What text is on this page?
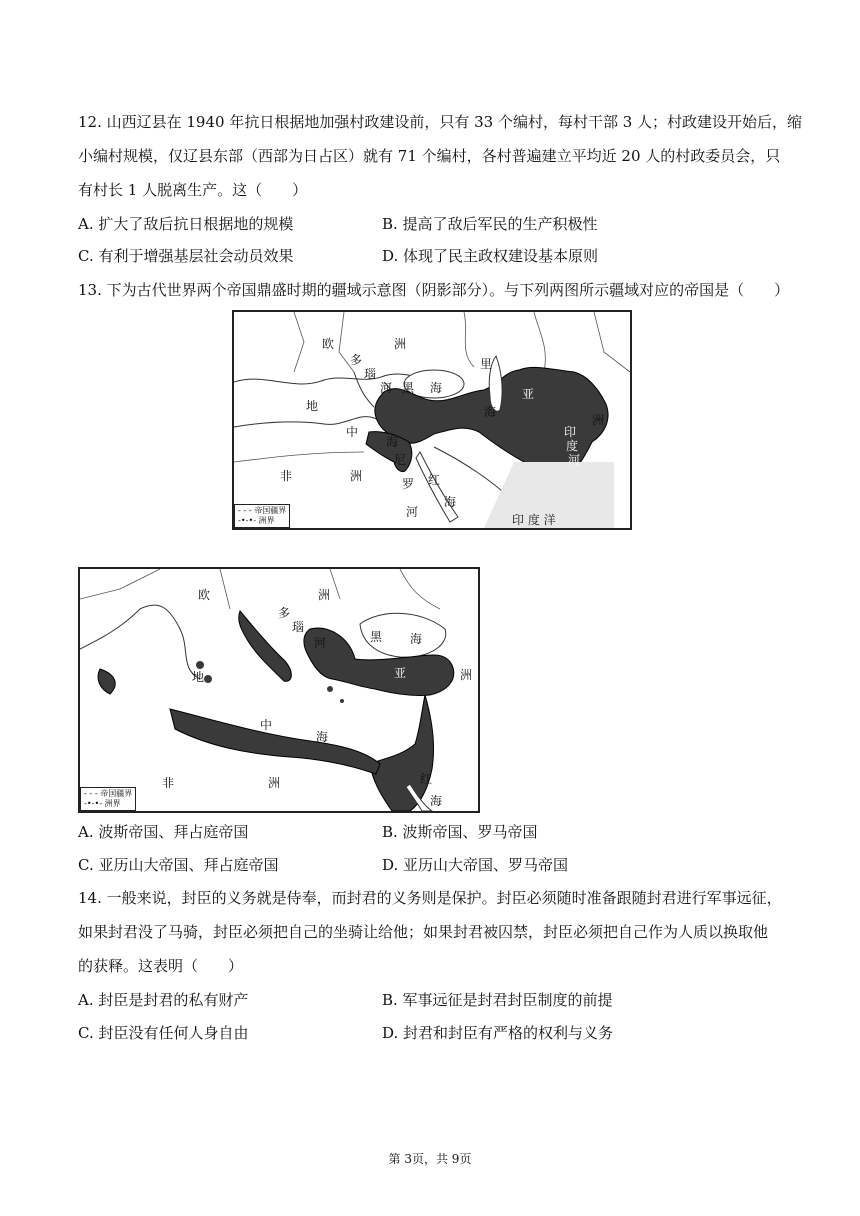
12. 山西辽县在 1940 年抗日根据地加强村政建设前，只有 33 个编村，每村干部 3 人；村政建设开始后，缩
小编村规模，仅辽县东部（西部为日占区）就有 71 个编村，各村普遍建立平均近 20 人的村政委员会，只
有村长 1 人脱离生产。这（　　）
A. 扩大了敌后抗日根据地的规模	B. 提高了敌后军民的生产积极性
C. 有利于增强基层社会动员效果	D. 体现了民主政权建设基本原则
13. 下为古代世界两个帝国鼎盛时期的疆域示意图（阴影部分）。与下列两图所示疆域对应的帝国是（　　）
欧	洲
多
瑙
河 黑 海
里
海
亚
洲
印
度
河
地
中
海
非	洲
尼
罗
河
红
海
印 度 洋
- - - 帝国疆界
-•-•- 洲界
欧
多
洲
瑙
河	黑 海
亚	洲
地
中
海
非	洲	红
海
- - - 帝国疆界
-•-•- 洲界
A. 波斯帝国、拜占庭帝国	B. 波斯帝国、罗马帝国
C. 亚历山大帝国、拜占庭帝国	D. 亚历山大帝国、罗马帝国
14. 一般来说，封臣的义务就是侍奉，而封君的义务则是保护。封臣必须随时准备跟随封君进行军事远征，
如果封君没了马骑，封臣必须把自己的坐骑让给他；如果封君被囚禁，封臣必须把自己作为人质以换取他
的获释。这表明（　　）
A. 封臣是封君的私有财产	B. 军事远征是封君封臣制度的前提
C. 封臣没有任何人身自由	D. 封君和封臣有严格的权利与义务
第 3页，共 9页
